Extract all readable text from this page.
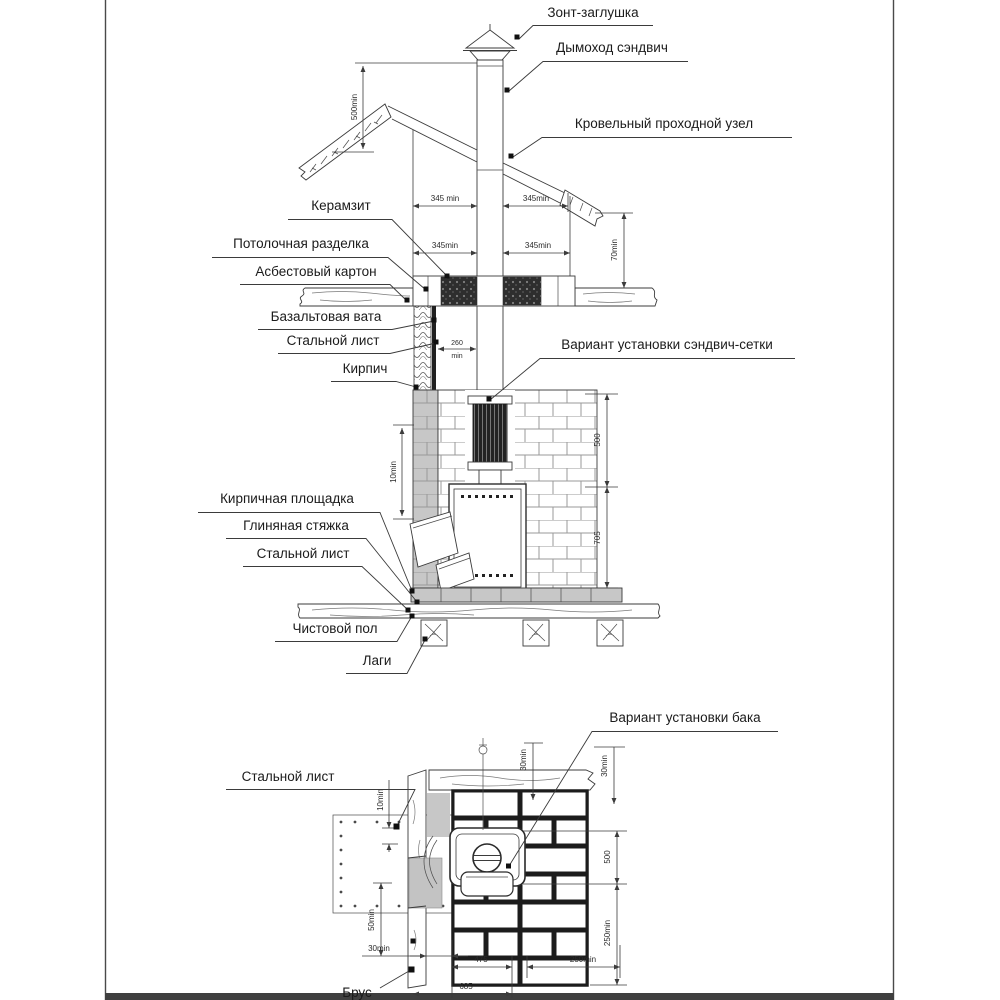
500min
345 min	345min
345min	345min	70min
260
min
10min
500
705
Зонт-заглушка
Дымоход сэндвич
Кровельный проходной узел
Вариант установки сэндвич-сетки
Керамзит
Потолочная разделка
Асбестовый картон
Базальтовая вата
Стальной лист
Кирпич
Кирпичная площадка
Глиняная стяжка
Стальной лист
Чистовой пол
Лаги
30min	30min
10min
50min
500
250min
30min
475	250min
685
Вариант установки бака
Стальной лист
Брус
